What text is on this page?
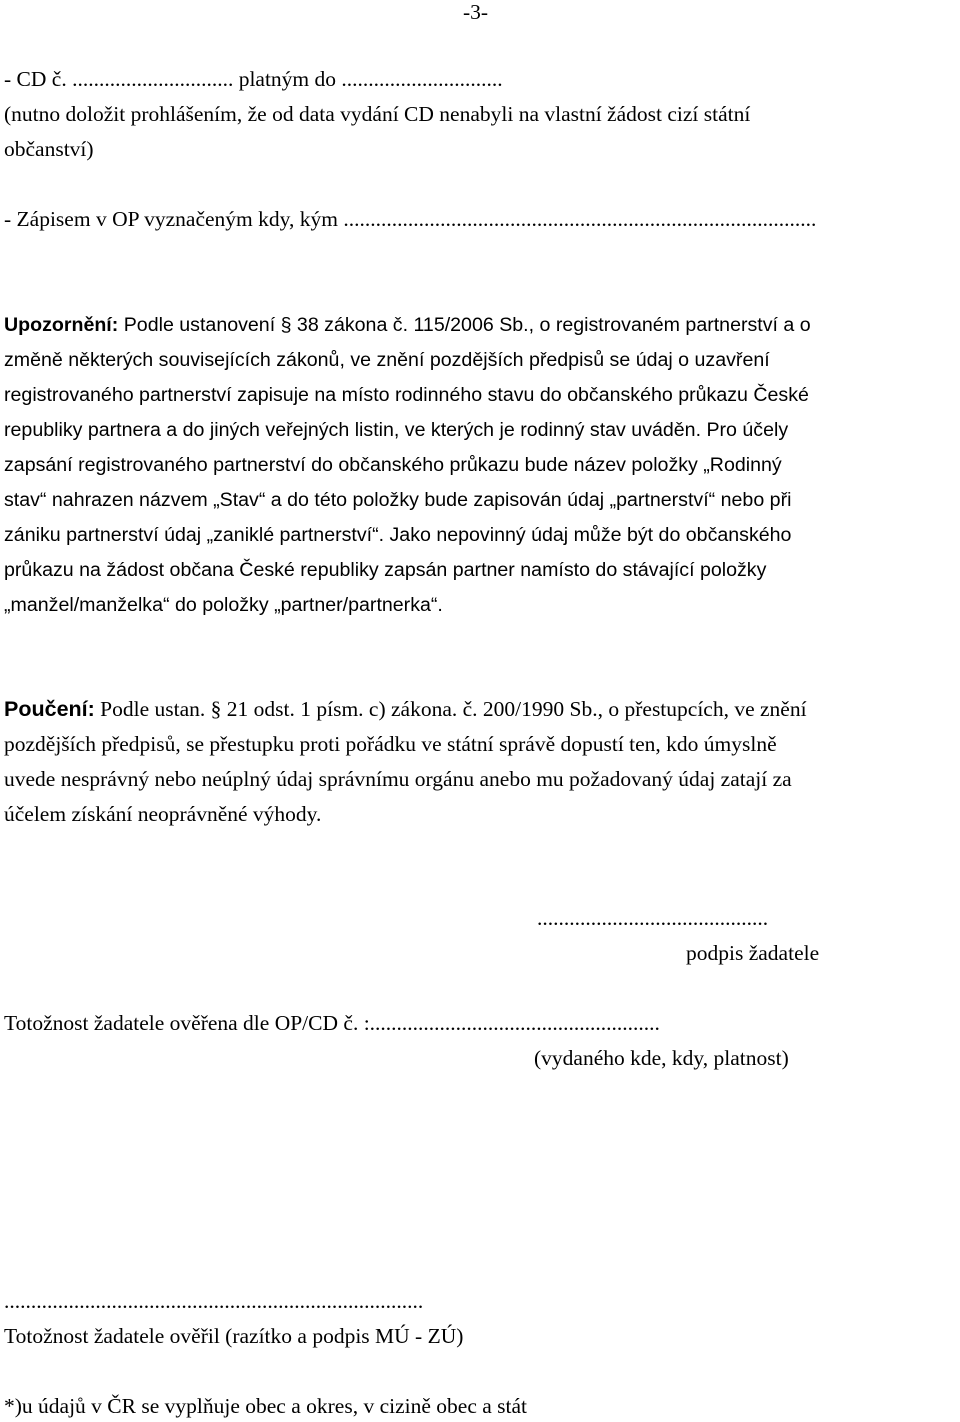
-3-
- CD č. .............................. platným do ..............................
(nutno doložit prohlášením, že od data vydání CD nenabyli na vlastní žádost cizí státní
občanství)
- Zápisem v OP vyznačeným kdy, kým ........................................................................................
Upozornění: Podle ustanovení § 38 zákona č. 115/2006 Sb., o registrovaném partnerství a o
změně některých souvisejících zákonů, ve znění pozdějších předpisů se údaj o uzavření
registrovaného partnerství zapisuje na místo rodinného stavu do občanského průkazu České
republiky partnera a do jiných veřejných listin, ve kterých je rodinný stav uváděn. Pro účely
zapsání registrovaného partnerství do občanského průkazu bude název položky „Rodinný
stav“ nahrazen názvem „Stav“ a do této položky bude zapisován údaj „partnerství“ nebo při
zániku partnerství údaj „zaniklé partnerství“. Jako nepovinný údaj může být do občanského
průkazu na žádost občana České republiky zapsán partner namísto do stávající položky
„manžel/manželka“ do položky „partner/partnerka“.
Poučení: Podle ustan. § 21 odst. 1 písm. c) zákona. č. 200/1990 Sb., o přestupcích, ve znění
pozdějších předpisů, se přestupku proti pořádku ve státní správě dopustí ten, kdo úmyslně
uvede nesprávný nebo neúplný údaj správnímu orgánu anebo mu požadovaný údaj zatají za
účelem získání neoprávněné výhody.
...........................................
podpis žadatele
Totožnost žadatele ověřena dle OP/CD č. :......................................................
(vydaného kde, kdy, platnost)
..............................................................................
Totožnost žadatele ověřil (razítko a podpis MÚ - ZÚ)
*)u údajů v ČR se vyplňuje obec a okres, v cizině obec a stát
